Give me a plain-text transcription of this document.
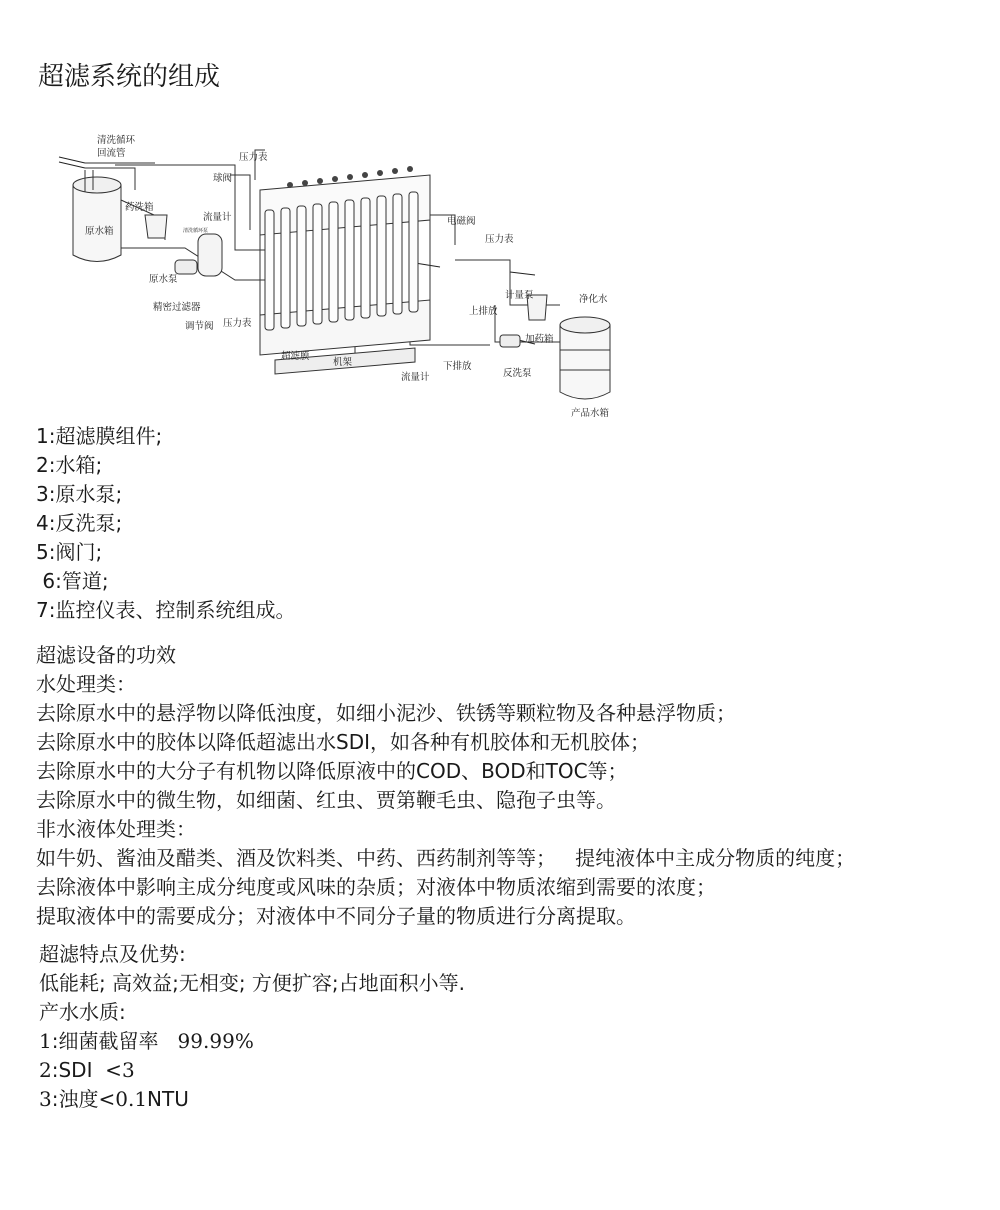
超滤系统的组成
清洗循环
回流管	压力表
球阀
药洗箱
流量计
原水箱
电磁阀
压力表
原水泵
计量泵	净化水
精密过滤器	上排放
调节阀 压力表
加药箱
超滤膜
机架	下排放
流量计	反洗泵
产品水箱
清洗循环泵
1:超滤膜组件;
2:水箱;
3:原水泵;
4:反洗泵;
5:阀门;
6:管道;
7:监控仪表、控制系统组成。

超滤设备的功效

水处理类：

去除原水中的悬浮物以降低浊度，如细小泥沙、铁锈等颗粒物及各种悬浮物质；

去除原水中的胶体以降低超滤出水SDI，如各种有机胶体和无机胶体；

去除原水中的大分子有机物以降低原液中的COD、BOD和TOC等；

去除原水中的微生物，如细菌、红虫、贾第鞭毛虫、隐孢子虫等。

非水液体处理类：

如牛奶、酱油及醋类、酒及饮料类、中药、西药制剂等等；   提纯液体中主成分物质的纯度；

去除液体中影响主成分纯度或风味的杂质；对液体中物质浓缩到需要的浓度；

提取液体中的需要成分；对液体中不同分子量的物质进行分离提取。

超滤特点及优势:

低能耗; 高效益;无相变; 方便扩容;占地面积小等.

产水水质:

1:细菌截留率   99.99%

2:SDI  <3

3:浊度<0.1NTU
